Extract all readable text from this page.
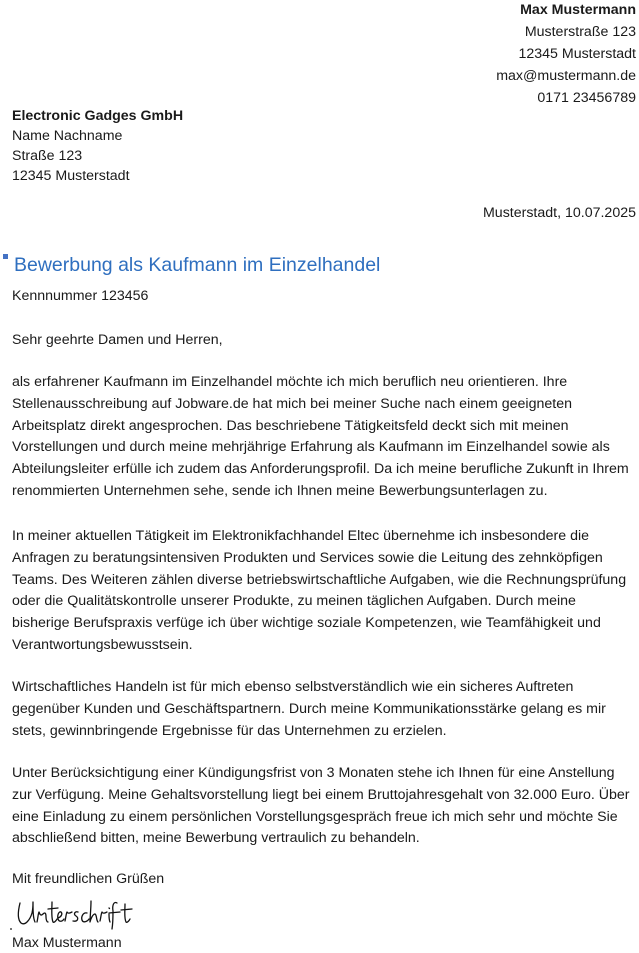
Max Mustermann
Musterstraße 123
12345 Musterstadt
max@mustermann.de
0171 23456789
Electronic Gadges GmbH
Name Nachname
Straße 123
12345 Musterstadt
Musterstadt, 10.07.2025
Bewerbung als Kaufmann im Einzelhandel
Kennnummer 123456
Sehr geehrte Damen und Herren,

als erfahrener Kaufmann im Einzelhandel möchte ich mich beruflich neu orientieren. Ihre Stellenausschreibung auf Jobware.de hat mich bei meiner Suche nach einem geeigneten Arbeitsplatz direkt angesprochen. Das beschriebene Tätigkeitsfeld deckt sich mit meinen Vorstellungen und durch meine mehrjährige Erfahrung als Kaufmann im Einzelhandel sowie als Abteilungsleiter erfülle ich zudem das Anforderungsprofil. Da ich meine berufliche Zukunft in Ihrem renommierten Unternehmen sehe, sende ich Ihnen meine Bewerbungsunterlagen zu.

In meiner aktuellen Tätigkeit im Elektronikfachhandel Eltec übernehme ich insbesondere die Anfragen zu beratungsintensiven Produkten und Services sowie die Leitung des zehnköpfigen Teams. Des Weiteren zählen diverse betriebswirtschaftliche Aufgaben, wie die Rechnungsprüfung oder die Qualitätskontrolle unserer Produkte, zu meinen täglichen Aufgaben. Durch meine bisherige Berufspraxis verfüge ich über wichtige soziale Kompetenzen, wie Teamfähigkeit und Verantwortungsbewusstsein.

Wirtschaftliches Handeln ist für mich ebenso selbstverständlich wie ein sicheres Auftreten gegenüber Kunden und Geschäftspartnern. Durch meine Kommunikationsstärke gelang es mir stets, gewinnbringende Ergebnisse für das Unternehmen zu erzielen.

Unter Berücksichtigung einer Kündigungsfrist von 3 Monaten stehe ich Ihnen für eine Anstellung zur Verfügung. Meine Gehaltsvorstellung liegt bei einem Bruttojahresgehalt von 32.000 Euro. Über eine Einladung zu einem persönlichen Vorstellungsgespräch freue ich mich sehr und möchte Sie abschließend bitten, meine Bewerbung vertraulich zu behandeln.

Mit freundlichen Grüßen
Max Mustermann
